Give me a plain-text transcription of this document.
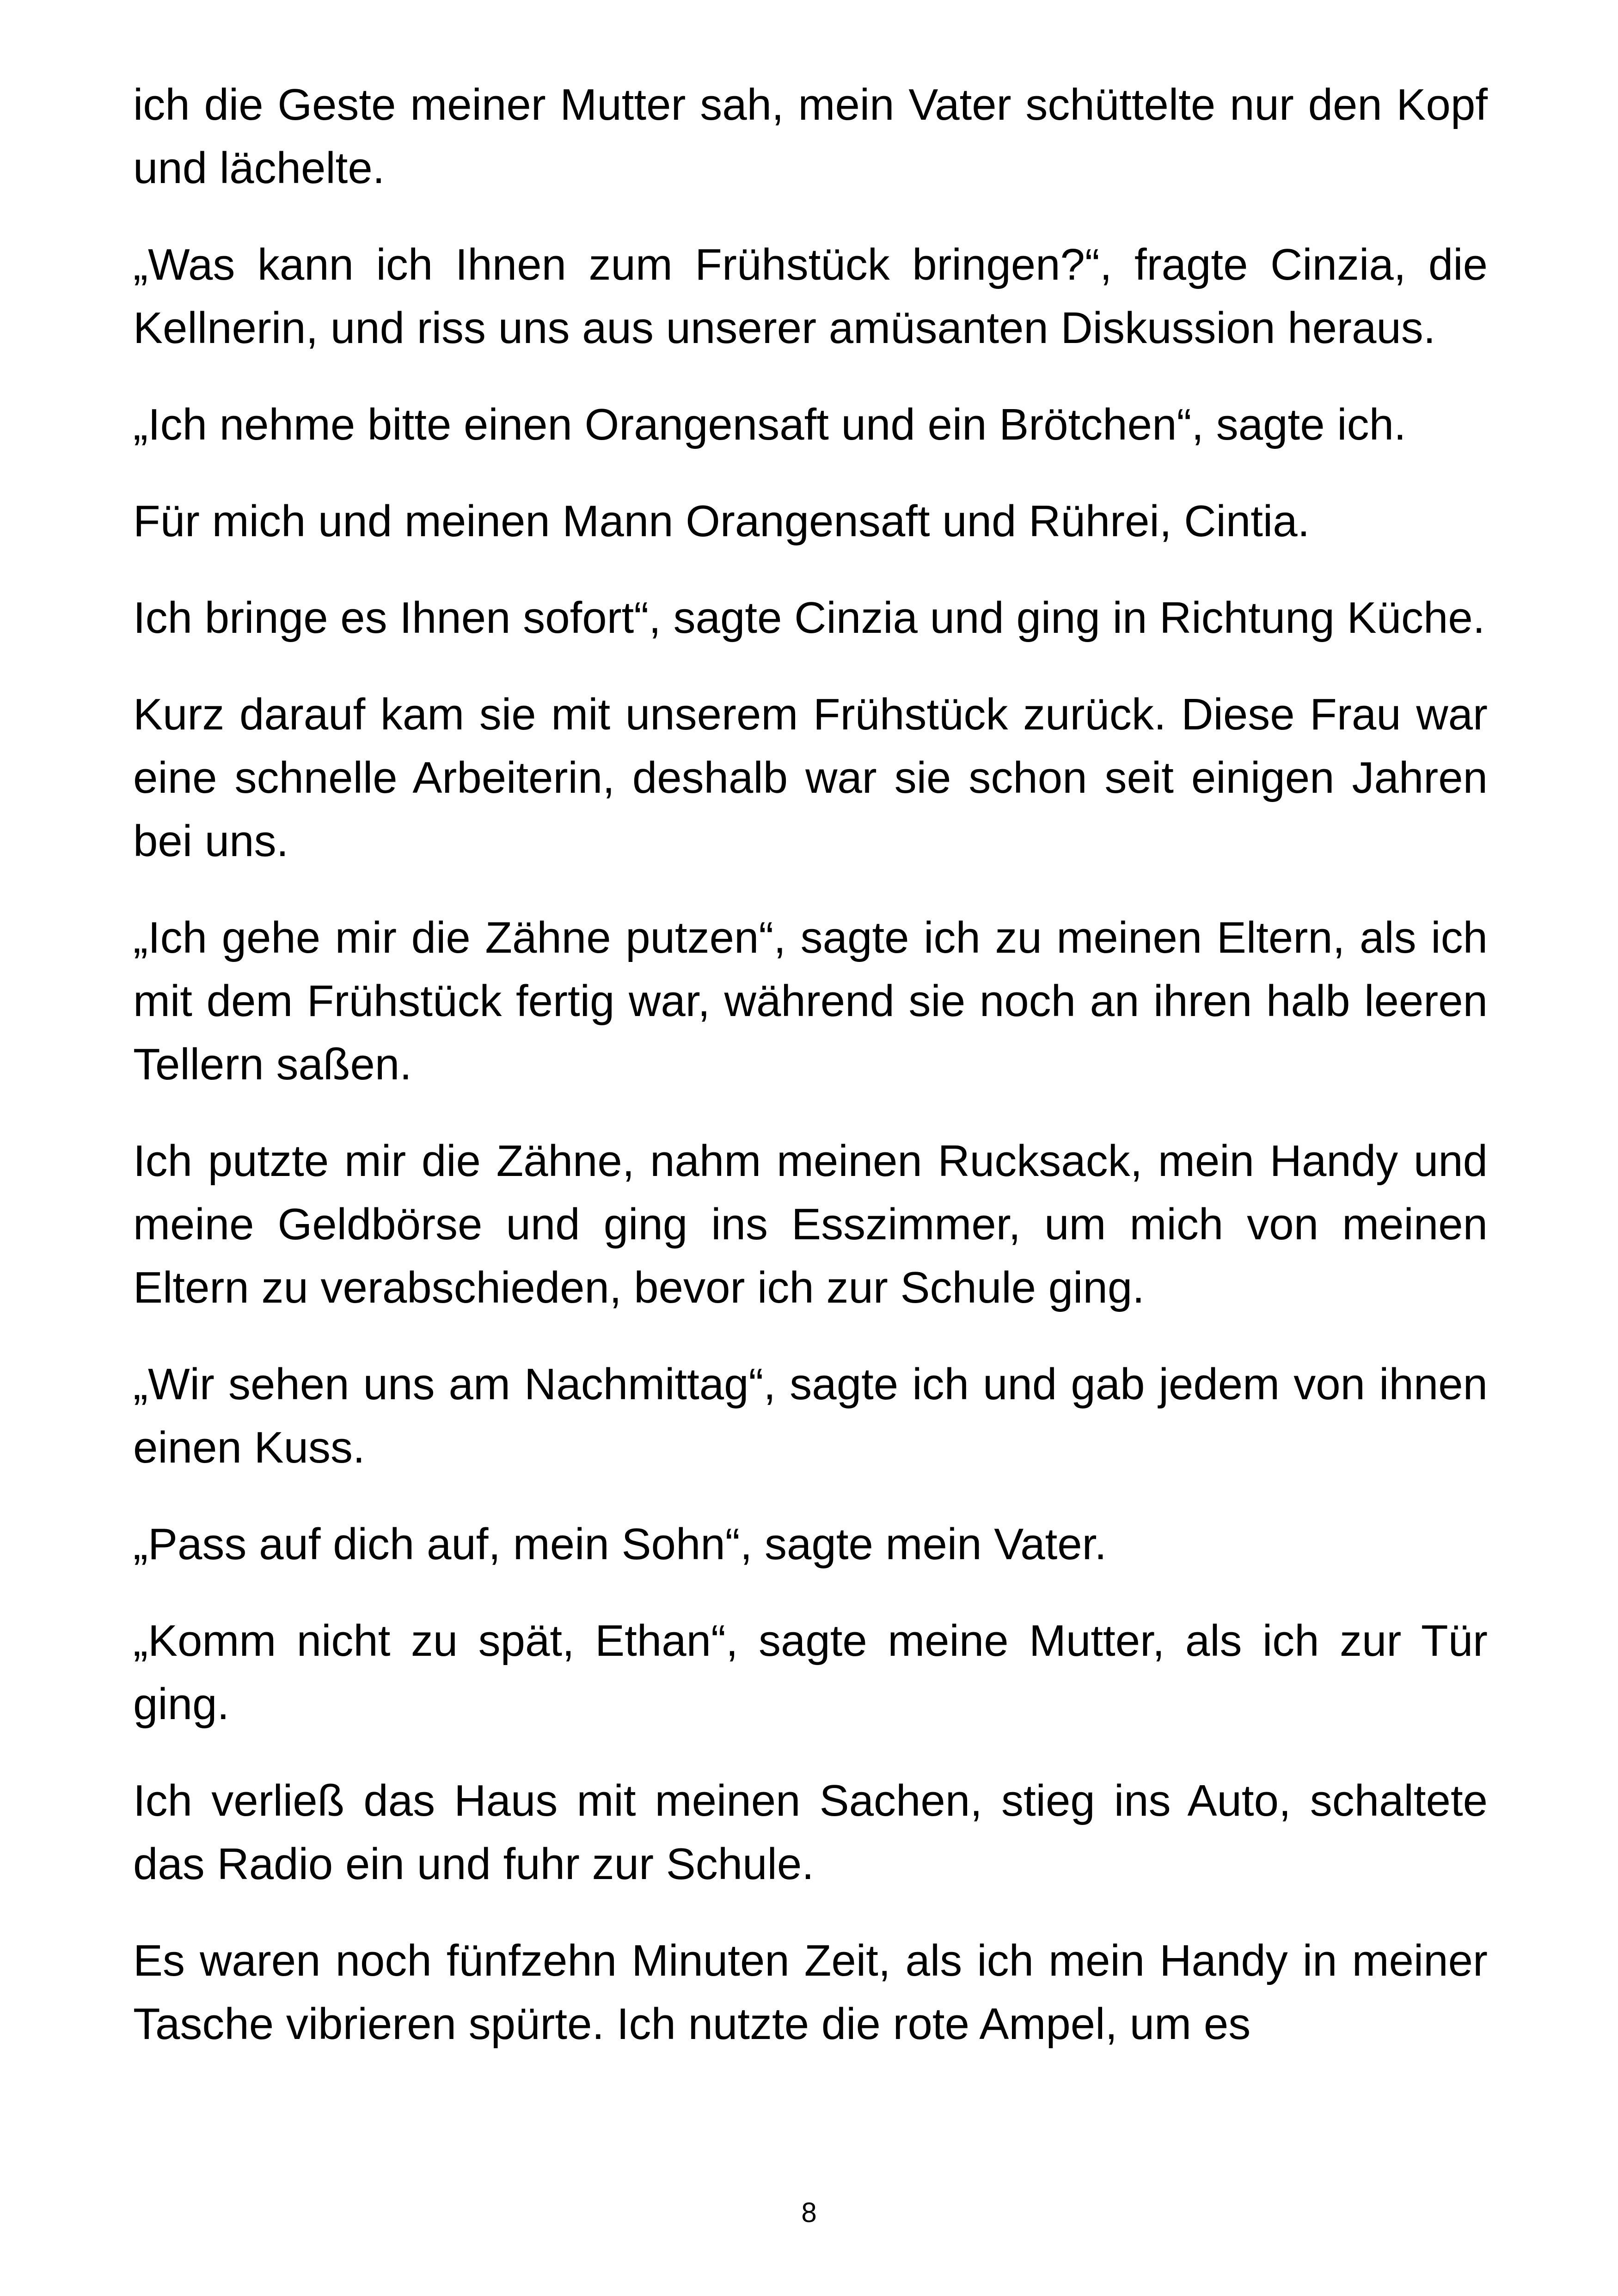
ich die Geste meiner Mutter sah, mein Vater schüttelte nur den Kopf und lächelte.

„Was kann ich Ihnen zum Frühstück bringen?“, fragte Cinzia, die Kellnerin, und riss uns aus unserer amüsanten Diskussion heraus.

„Ich nehme bitte einen Orangensaft und ein Brötchen“, sagte ich.

Für mich und meinen Mann Orangensaft und Rührei, Cintia.

Ich bringe es Ihnen sofort“, sagte Cinzia und ging in Richtung Küche.

Kurz darauf kam sie mit unserem Frühstück zurück. Diese Frau war eine schnelle Arbeiterin, deshalb war sie schon seit einigen Jahren bei uns.

„Ich gehe mir die Zähne putzen“, sagte ich zu meinen Eltern, als ich mit dem Frühstück fertig war, während sie noch an ihren halb leeren Tellern saßen.

Ich putzte mir die Zähne, nahm meinen Rucksack, mein Handy und meine Geldbörse und ging ins Esszimmer, um mich von meinen Eltern zu verabschieden, bevor ich zur Schule ging.

„Wir sehen uns am Nachmittag“, sagte ich und gab jedem von ihnen einen Kuss.

„Pass auf dich auf, mein Sohn“, sagte mein Vater.

„Komm nicht zu spät, Ethan“, sagte meine Mutter, als ich zur Tür ging.

Ich verließ das Haus mit meinen Sachen, stieg ins Auto, schaltete das Radio ein und fuhr zur Schule.

Es waren noch fünfzehn Minuten Zeit, als ich mein Handy in meiner Tasche vibrieren spürte. Ich nutzte die rote Ampel, um es

8
